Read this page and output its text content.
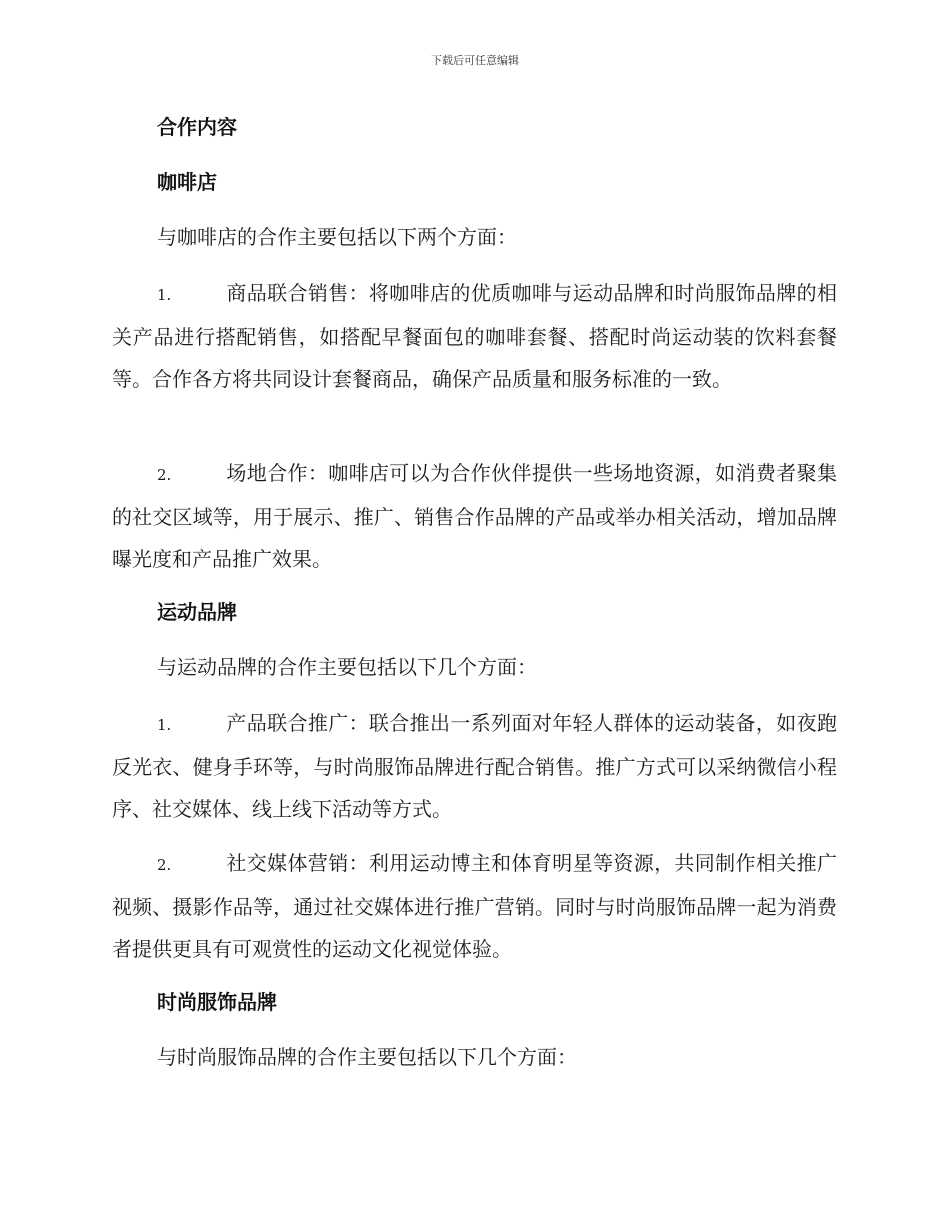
下载后可任意编辑
合作内容
咖啡店
与咖啡店的合作主要包括以下两个方面：
1.	商品联合销售：将咖啡店的优质咖啡与运动品牌和时尚服饰品牌的相关产品进行搭配销售，如搭配早餐面包的咖啡套餐、搭配时尚运动装的饮料套餐等。合作各方将共同设计套餐商品，确保产品质量和服务标准的一致。
2.	场地合作：咖啡店可以为合作伙伴提供一些场地资源，如消费者聚集的社交区域等，用于展示、推广、销售合作品牌的产品或举办相关活动，增加品牌曝光度和产品推广效果。
运动品牌
与运动品牌的合作主要包括以下几个方面：
1.	产品联合推广：联合推出一系列面对年轻人群体的运动装备，如夜跑反光衣、健身手环等，与时尚服饰品牌进行配合销售。推广方式可以采纳微信小程序、社交媒体、线上线下活动等方式。
2.	社交媒体营销：利用运动博主和体育明星等资源，共同制作相关推广视频、摄影作品等，通过社交媒体进行推广营销。同时与时尚服饰品牌一起为消费者提供更具有可观赏性的运动文化视觉体验。
时尚服饰品牌
与时尚服饰品牌的合作主要包括以下几个方面：
